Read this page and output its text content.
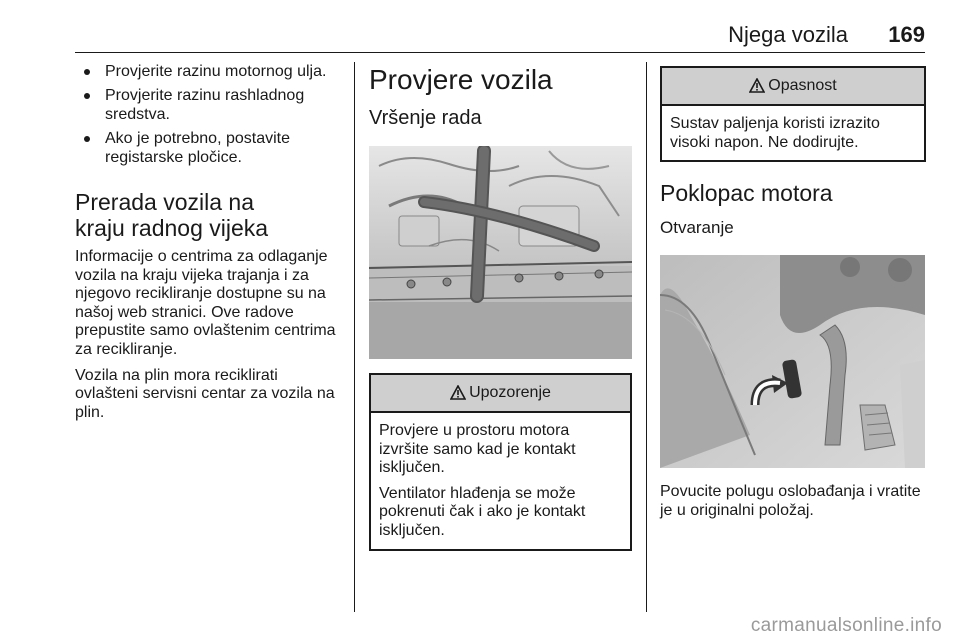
Njega vozila 169
Provjerite razinu motornog ulja.
Provjerite razinu rashladnog sredstva.
Ako je potrebno, postavite registarske pločice.
Prerada vozila na kraju radnog vijeka

Informacije o centrima za odlaganje vozila na kraju vijeka trajanja i za njegovo recikliranje dostupne su na našoj web stranici. Ove radove prepustite samo ovlaštenim centrima za recikliranje.

Vozila na plin mora reciklirati ovlašteni servisni centar za vozila na plin.

Provjere vozila
Vršenje rada
Upozorenje

Provjere u prostoru motora izvršite samo kad je kontakt isključen.

Ventilator hlađenja se može pokrenuti čak i ako je kontakt isključen.

Opasnost

Sustav paljenja koristi izrazito visoki napon. Ne dodirujte.

Poklopac motora
Otvaranje

Povucite polugu oslobađanja i vratite je u originalni položaj.

carmanualsonline.info
